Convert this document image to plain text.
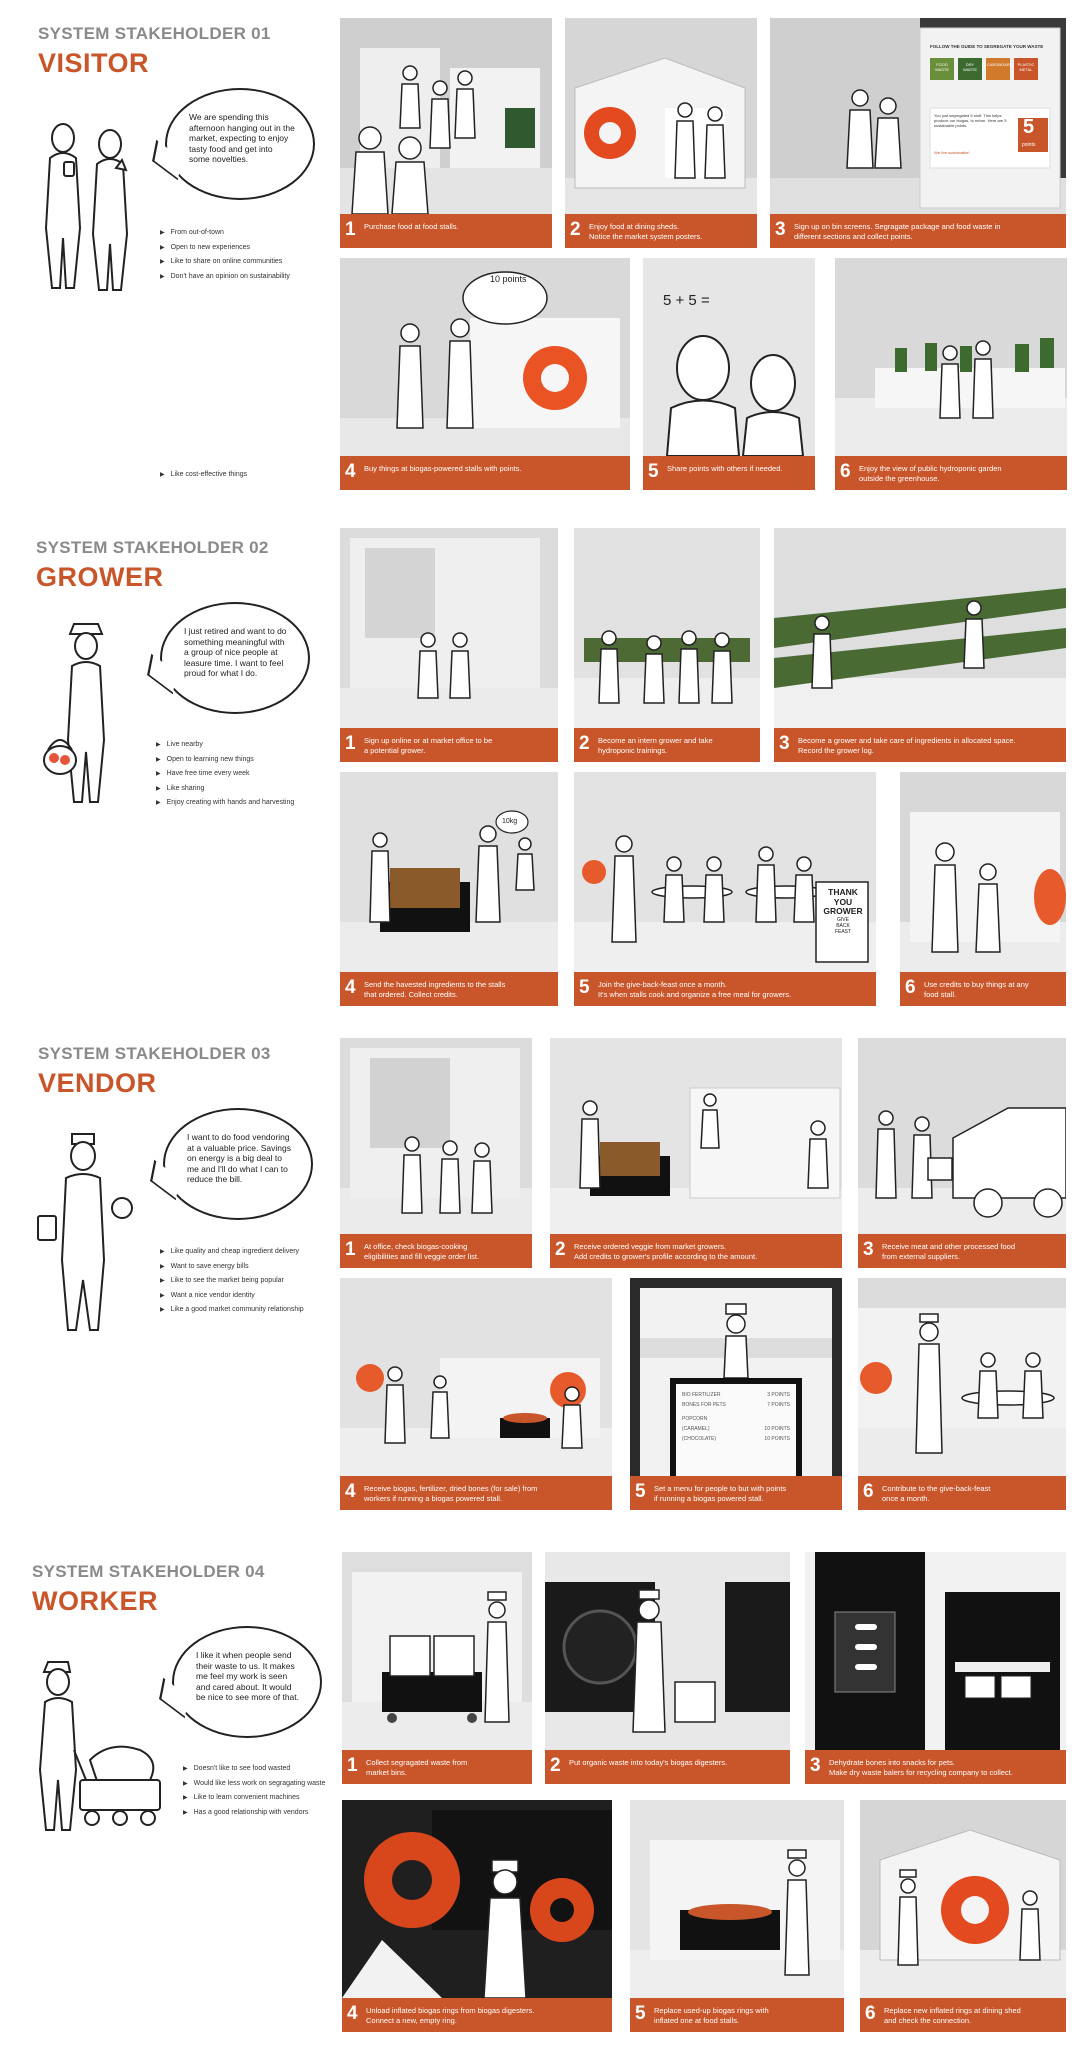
SYSTEM STAKEHOLDER 01
VISITOR
We are spending this afternoon hanging out in the market, expecting to enjoy tasty food and get into some novelties.
▶ From out-of-town
▶ Open to new experiences
▶ Like to share on online communities
▶ Don't have an opinion on sustainability
▶ Like cost-effective things
1 Purchase food at food stalls.	2 Enjoy food at dining sheds.
Notice the market system posters.
FOLLOW THE GUIDE TO SEGREGATE YOUR WASTE
FOOD WASTE
DRY WASTE
CARDBOARD	PLASTIC METAL
You just segregated 5 stuff. This helps produce our biogas, to return. Here are 5 sustainable points.
We live sustainable!
5
points
3 Sign up on bin screens. Segragate package and food waste in
different sections and collect points.
10 points
4 Buy things at biogas-powered stalls with points.
5 + 5 =
5 Share points with others if needed.	6 Enjoy the view of public hydroponic garden
outside the greenhouse.
SYSTEM STAKEHOLDER 02
GROWER
I just retired and want to do something meaningful with a group of nice people at leasure time. I want to feel proud for what I do.
▶ Live nearby
▶ Open to learning new things
▶ Have free time every week
▶ Like sharing
▶ Enjoy creating with hands and harvesting
1 Sign up online or at market office to be
a potential grower.	2 Become an intern grower and take
hydroponic trainings.	3 Become a grower and take care of ingredients in allocated space.
Record the grower log.
10kg
4 Send the havested ingredients to the stalls
that ordered. Collect credits.
THANK
YOU
GROWER
GIVE
BACK
FEAST
5 Join the give-back-feast once a month.
It's when stalls cook and organize a free meal for growers.	6 Use credits to buy things at any
food stall.
SYSTEM STAKEHOLDER 03
VENDOR
I want to do food vendoring at a valuable price. Savings on energy is a big deal to me and I'll do what I can to reduce the bill.
▶ Like quality and cheap ingredient delivery
▶ Want to save energy bills
▶ Like to see the market being popular
▶ Want a nice vendor identity
▶ Like a good market community relationship
1 At office, check biogas-cooking
eligibilities and fill veggie order list.	2 Receive ordered veggie from market growers.
Add credits to grower's profile according to the amount.	3 Receive meat and other processed food
from external suppliers.
4 Receive biogas, fertilizer, dried bones (for sale) from
workers if running a biogas powered stall.
BIO FERTILIZER	3 POINTS
BONES FOR PETS	7 POINTS
POPCORN
(CARAMEL)	10 POINTS
(CHOCOLATE)	10 POINTS
5 Set a menu for people to but with points
if running a biogas powered stall.	6 Contribute to the give-back-feast
once a month.
SYSTEM STAKEHOLDER 04
WORKER
I like it when people send their waste to us. It makes me feel my work is seen and cared about. It would be nice to see more of that.
▶ Doesn't like to see food wasted
▶ Would like less work on segragating waste
▶ Like to learn convenient machines
▶ Has a good relationship with vendors
1 Collect segragated waste from
market bins.	2 Put organic waste into today's biogas digesters.	3 Dehydrate bones into snacks for pets.
Make dry waste balers for recycling company to collect.
4 Unload inflated biogas rings from biogas digesters.
Connect a new, empty ring.	5 Replace used-up biogas rings with
inflated one at food stalls.	6 Replace new inflated rings at dining shed
and check the connection.
